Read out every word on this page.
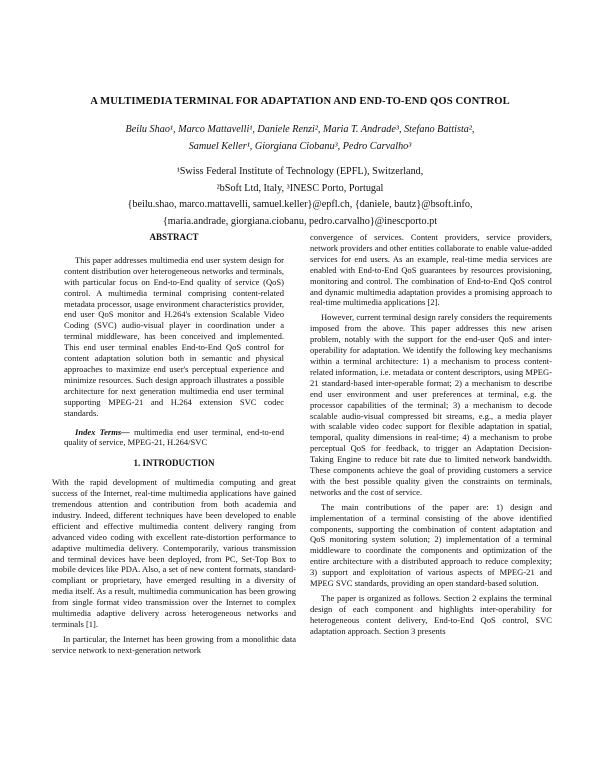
A MULTIMEDIA TERMINAL FOR ADAPTATION AND END-TO-END QOS CONTROL
Beilu Shao¹, Marco Mattavelli¹, Daniele Renzi², Maria T. Andrade³, Stefano Battista²,
Samuel Keller¹, Giorgiana Ciobanu³, Pedro Carvalho³
¹Swiss Federal Institute of Technology (EPFL), Switzerland,
²bSoft Ltd, Italy, ³INESC Porto, Portugal
{beilu.shao, marco.mattavelli, samuel.keller}@epfl.ch, {daniele, bautz}@bsoft.info,
{maria.andrade, giorgiana.ciobanu, pedro.carvalho}@inescporto.pt
ABSTRACT

This paper addresses multimedia end user system design for content distribution over heterogeneous networks and terminals, with particular focus on End-to-End quality of service (QoS) control. A multimedia terminal comprising content-related metadata processor, usage environment characteristics provider, end user QoS monitor and H.264's extension Scalable Video Coding (SVC) audio-visual player in coordination under a terminal middleware, has been conceived and implemented. This end user terminal enables End-to-End QoS control for content adaptation solution both in semantic and physical approaches to maximize end user's perceptual experience and minimize resources. Such design approach illustrates a possible architecture for next generation multimedia end user terminal supporting MPEG-21 and H.264 extension SVC codec standards.

Index Terms— multimedia end user terminal, end-to-end quality of service, MPEG-21, H.264/SVC

1. INTRODUCTION

With the rapid development of multimedia computing and great success of the Internet, real-time multimedia applications have gained tremendous attention and contribution from both academia and industry. Indeed, different techniques have been developed to enable efficient and effective multimedia content delivery ranging from advanced video coding with excellent rate-distortion performance to adaptive multimedia delivery. Contemporarily, various transmission and terminal devices have been deployed, from PC, Set-Top Box to mobile devices like PDA. Also, a set of new content formats, standard-compliant or proprietary, have emerged resulting in a diversity of media itself. As a result, multimedia communication has been growing from single format video transmission over the Internet to complex multimedia adaptive delivery across heterogeneous networks and terminals [1].

In particular, the Internet has been growing from a monolithic data service network to next-generation network

convergence of services. Content providers, service providers, network providers and other entities collaborate to enable value-added services for end users. As an example, real-time media services are enabled with End-to-End QoS guarantees by resources provisioning, monitoring and control. The combination of End-to-End QoS control and dynamic multimedia adaptation provides a promising approach to real-time multimedia applications [2].

However, current terminal design rarely considers the requirements imposed from the above. This paper addresses this new arisen problem, notably with the support for the end-user QoS and inter-operability for adaptation. We identify the following key mechanisms within a terminal architecture: 1) a mechanism to process content-related information, i.e. metadata or content descriptors, using MPEG-21 standard-based inter-operable format; 2) a mechanism to describe end user environment and user preferences at terminal, e.g. the processor capabilities of the terminal; 3) a mechanism to decode scalable audio-visual compressed bit streams, e.g., a media player with scalable video codec support for flexible adaptation in spatial, temporal, quality dimensions in real-time; 4) a mechanism to probe perceptual QoS for feedback, to trigger an Adaptation Decision-Taking Engine to reduce bit rate due to limited network bandwidth. These components achieve the goal of providing customers a service with the best possible quality given the constraints on terminals, networks and the cost of service.

The main contributions of the paper are: 1) design and implementation of a terminal consisting of the above identified components, supporting the combination of content adaptation and QoS monitoring system solution; 2) implementation of a terminal middleware to coordinate the components and optimization of the entire architecture with a distributed approach to reduce complexity; 3) support and exploitation of various aspects of MPEG-21 and MPEG SVC standards, providing an open standard-based solution.

The paper is organized as follows. Section 2 explains the terminal design of each component and highlights inter-operability for heterogeneous content delivery, End-to-End QoS control, SVC adaptation approach. Section 3 presents
